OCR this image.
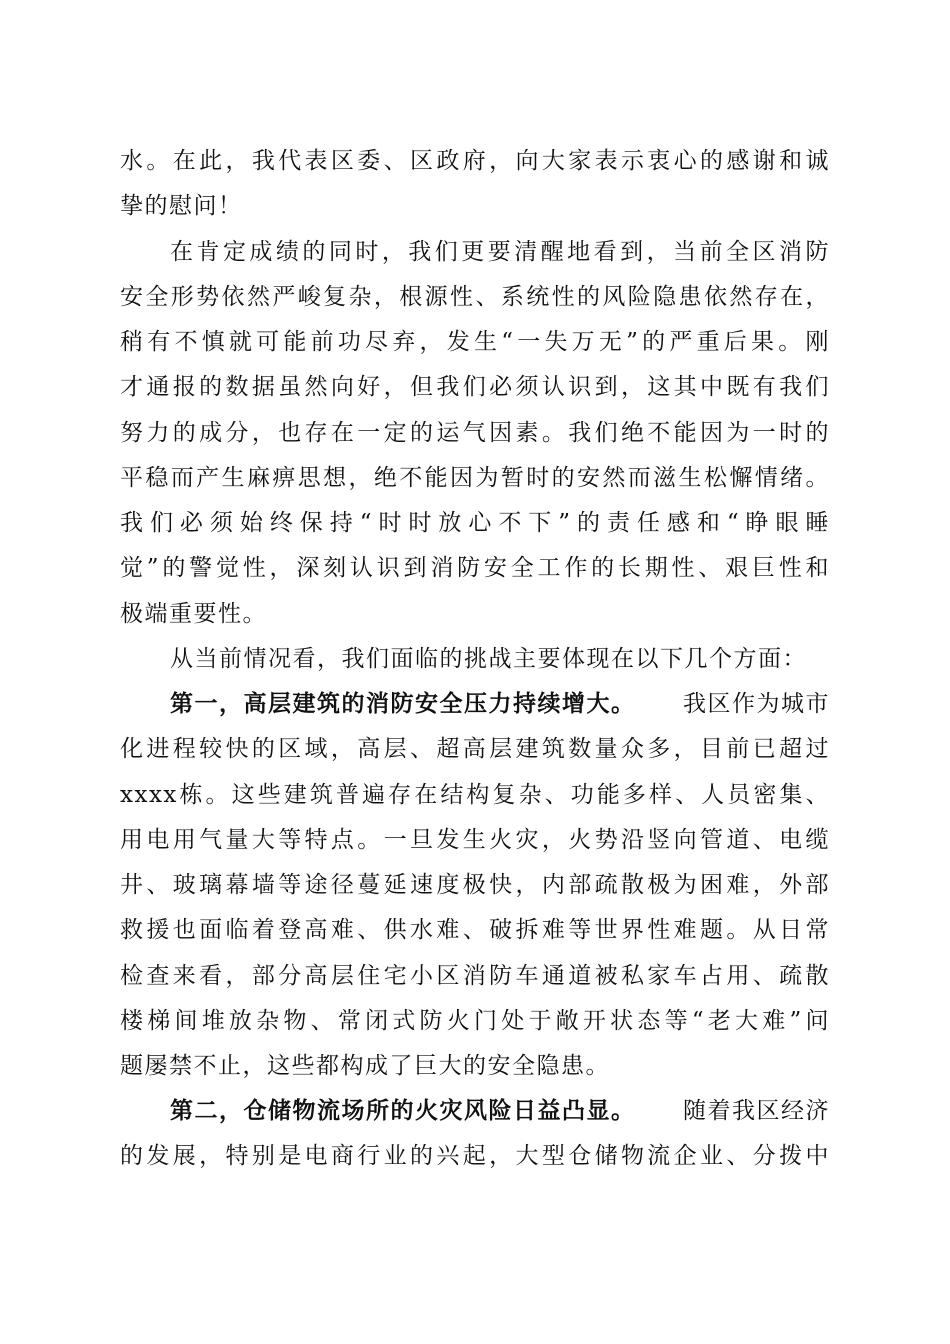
水。在此，我代表区委、区政府，向大家表示衷心的感谢和诚
挚的慰问！
在肯定成绩的同时，我们更要清醒地看到，当前全区消防
安全形势依然严峻复杂，根源性、系统性的风险隐患依然存在，
稍有不慎就可能前功尽弃，发生“一失万无”的严重后果。刚
才通报的数据虽然向好，但我们必须认识到，这其中既有我们
努力的成分，也存在一定的运气因素。我们绝不能因为一时的
平稳而产生麻痹思想，绝不能因为暂时的安然而滋生松懈情绪。
我们必须始终保持“时时放心不下”的责任感和“睁眼睡
觉”的警觉性，深刻认识到消防安全工作的长期性、艰巨性和
极端重要性。
从当前情况看，我们面临的挑战主要体现在以下几个方面：
第一，高层建筑的消防安全压力持续增大。 我区作为城市
化进程较快的区域，高层、超高层建筑数量众多，目前已超过
xxxx栋。这些建筑普遍存在结构复杂、功能多样、人员密集、
用电用气量大等特点。一旦发生火灾，火势沿竖向管道、电缆
井、玻璃幕墙等途径蔓延速度极快，内部疏散极为困难，外部
救援也面临着登高难、供水难、破拆难等世界性难题。从日常
检查来看，部分高层住宅小区消防车通道被私家车占用、疏散
楼梯间堆放杂物、常闭式防火门处于敞开状态等“老大难”问
题屡禁不止，这些都构成了巨大的安全隐患。
第二，仓储物流场所的火灾风险日益凸显。 随着我区经济
的发展，特别是电商行业的兴起，大型仓储物流企业、分拨中
